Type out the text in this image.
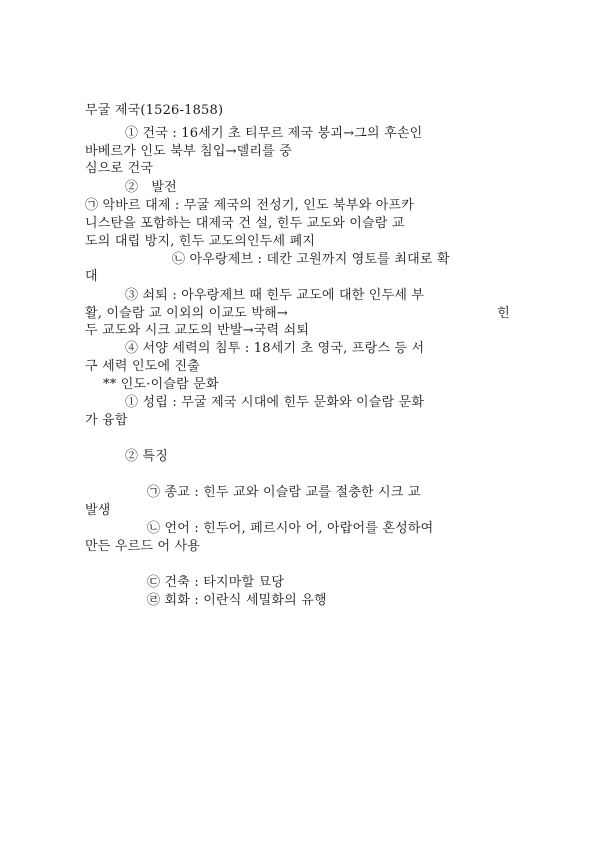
무굴 제국(1526-1858)
① 건국 : 16세기 초 티무르 제국 붕괴→그의 후손인
바베르가 인도 북부 침입→델리를 중
심으로 건국
②　발전
㉠ 악바르 대제 : 무굴 제국의 전성기, 인도 북부와 아프카
니스탄을 포함하는 대제국 건 설, 힌두 교도와 이슬람 교
도의 대립 방지, 힌두 교도의인두세 폐지
㉡ 아우랑제브 : 데칸 고원까지 영토를 최대로 확
대
③ 쇠퇴 : 아우랑제브 때 힌두 교도에 대한 인두세 부
활, 이슬람 교 이외의 이교도 박해→	힌
두 교도와 시크 교도의 반발→국력 쇠퇴
④ 서양 세력의 침투 : 18세기 초 영국, 프랑스 등 서
구 세력 인도에 진출
** 인도·이슬람 문화
① 성립 : 무굴 제국 시대에 힌두 문화와 이슬람 문화
가 융합
② 특징
㉠ 종교 : 힌두 교와 이슬람 교를 절충한 시크 교
발생
㉡ 언어 : 힌두어, 페르시아 어, 아랍어를 혼성하여
만든 우르드 어 사용
㉢ 건축 : 타지마할 묘당
㉣ 회화 : 이란식 세밀화의 유행
